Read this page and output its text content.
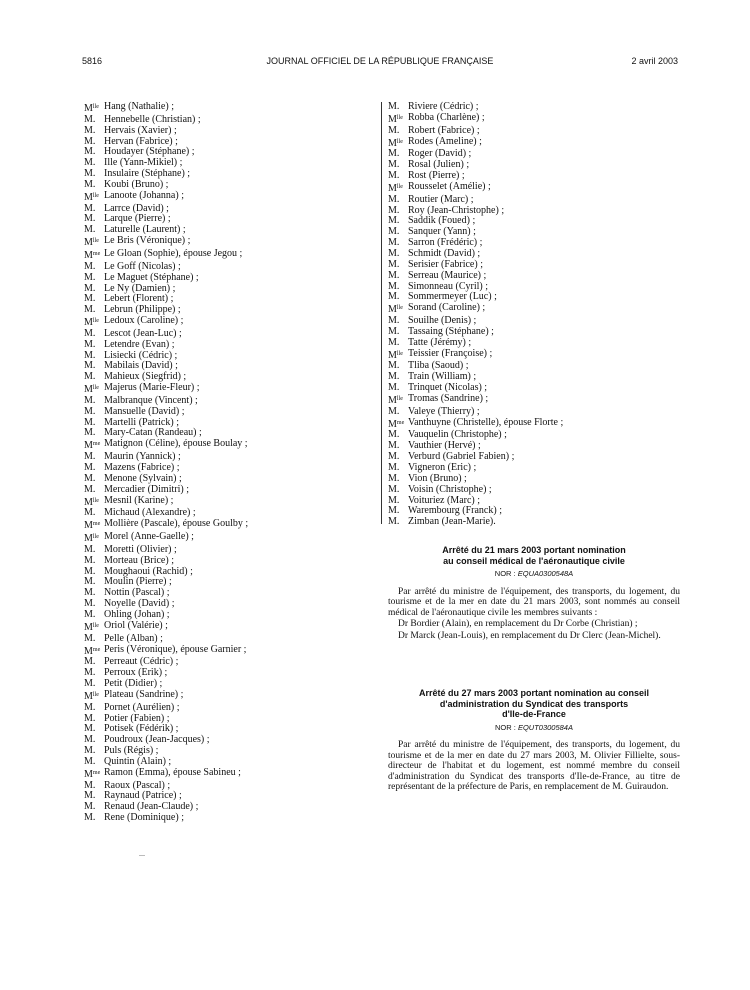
5816	JOURNAL OFFICIEL DE LA RÉPUBLIQUE FRANÇAISE	2 avril 2003
$M^{lle}$ Hang (Nathalie) ;
M. Hennebelle (Christian) ;
M. Hervais (Xavier) ;
M. Hervan (Fabrice) ;
M. Houdayer (Stéphane) ;
M. Ille (Yann-Mikiel) ;
M. Insulaire (Stéphane) ;
M. Koubi (Bruno) ;
$M^{lle}$ Lanoote (Johanna) ;
M. Larrce (David) ;
M. Larque (Pierre) ;
M. Laturelle (Laurent) ;
$M^{lle}$ Le Bris (Véronique) ;
$M^{me}$ Le Gloan (Sophie), épouse Jegou ;
M. Le Goff (Nicolas) ;
M. Le Maguet (Stéphane) ;
M. Le Ny (Damien) ;
M. Lebert (Florent) ;
M. Lebrun (Philippe) ;
$M^{lle}$ Ledoux (Caroline) ;
M. Lescot (Jean-Luc) ;
M. Letendre (Evan) ;
M. Lisiecki (Cédric) ;
M. Mabilais (David) ;
M. Mahieux (Siegfrid) ;
$M^{lle}$ Majerus (Marie-Fleur) ;
M. Malbranque (Vincent) ;
M. Mansuelle (David) ;
M. Martelli (Patrick) ;
M. Mary-Catan (Randeau) ;
$M^{me}$ Matignon (Céline), épouse Boulay ;
M. Maurin (Yannick) ;
M. Mazens (Fabrice) ;
M. Menone (Sylvain) ;
M. Mercadier (Dimitri) ;
$M^{lle}$ Mesnil (Karine) ;
M. Michaud (Alexandre) ;
$M^{me}$ Mollière (Pascale), épouse Goulby ;
$M^{lle}$ Morel (Anne-Gaelle) ;
M. Moretti (Olivier) ;
M. Morteau (Brice) ;
M. Moughaoui (Rachid) ;
M. Moulin (Pierre) ;
M. Nottin (Pascal) ;
M. Noyelle (David) ;
M. Ohling (Johan) ;
$M^{lle}$ Oriol (Valérie) ;
M. Pelle (Alban) ;
$M^{me}$ Peris (Véronique), épouse Garnier ;
M. Perreaut (Cédric) ;
M. Perroux (Erik) ;
M. Petit (Didier) ;
$M^{lle}$ Plateau (Sandrine) ;
M. Pornet (Aurélien) ;
M. Potier (Fabien) ;
M. Potisek (Fédérik) ;
M. Poudroux (Jean-Jacques) ;
M. Puls (Régis) ;
M. Quintin (Alain) ;
$M^{me}$ Ramon (Emma), épouse Sabineu ;
M. Raoux (Pascal) ;
M. Raynaud (Patrice) ;
M. Renaud (Jean-Claude) ;
M. Rene (Dominique) ;
M. Riviere (Cédric) ;
$M^{lle}$ Robba (Charlène) ;
M. Robert (Fabrice) ;
$M^{lle}$ Rodes (Ameline) ;
M. Roger (David) ;
M. Rosal (Julien) ;
M. Rost (Pierre) ;
$M^{lle}$ Rousselet (Amélie) ;
M. Routier (Marc) ;
M. Roy (Jean-Christophe) ;
M. Saddik (Foued) ;
M. Sanquer (Yann) ;
M. Sarron (Frédéric) ;
M. Schmidt (David) ;
M. Serisier (Fabrice) ;
M. Serreau (Maurice) ;
M. Simonneau (Cyril) ;
M. Sommermeyer (Luc) ;
$M^{lle}$ Sorand (Caroline) ;
M. Souilhe (Denis) ;
M. Tassaing (Stéphane) ;
M. Tatte (Jérémy) ;
$M^{lle}$ Teissier (Françoise) ;
M. Tliba (Saoud) ;
M. Train (William) ;
M. Trinquet (Nicolas) ;
$M^{lle}$ Tromas (Sandrine) ;
M. Valeye (Thierry) ;
$M^{me}$ Vanthuyne (Christelle), épouse Florte ;
M. Vauquelin (Christophe) ;
M. Vauthier (Hervé) ;
M. Verburd (Gabriel Fabien) ;
M. Vigneron (Eric) ;
M. Vion (Bruno) ;
M. Voisin (Christophe) ;
M. Voituriez (Marc) ;
M. Warembourg (Franck) ;
M. Zimban (Jean-Marie).
Arrêté du 21 mars 2003 portant nomination
au conseil médical de l'aéronautique civile
NOR : EQUA0300548A

Par arrêté du ministre de l'équipement, des transports, du logement, du tourisme et de la mer en date du 21 mars 2003, sont nommés au conseil médical de l'aéronautique civile les membres suivants :

Dr Bordier (Alain), en remplacement du Dr Corbe (Christian) ;

Dr Marck (Jean-Louis), en remplacement du Dr Clerc (Jean-Michel).

Arrêté du 27 mars 2003 portant nomination au conseil
d'administration du Syndicat des transports
d'Ile-de-France
NOR : EQUT0300584A

Par arrêté du ministre de l'équipement, des transports, du logement, du tourisme et de la mer en date du 27 mars 2003, M. Olivier Fillielte, sous-directeur de l'habitat et du logement, est nommé membre du conseil d'administration du Syndicat des transports d'Ile-de-France, au titre de représentant de la préfecture de Paris, en remplacement de M. Guiraudon.
